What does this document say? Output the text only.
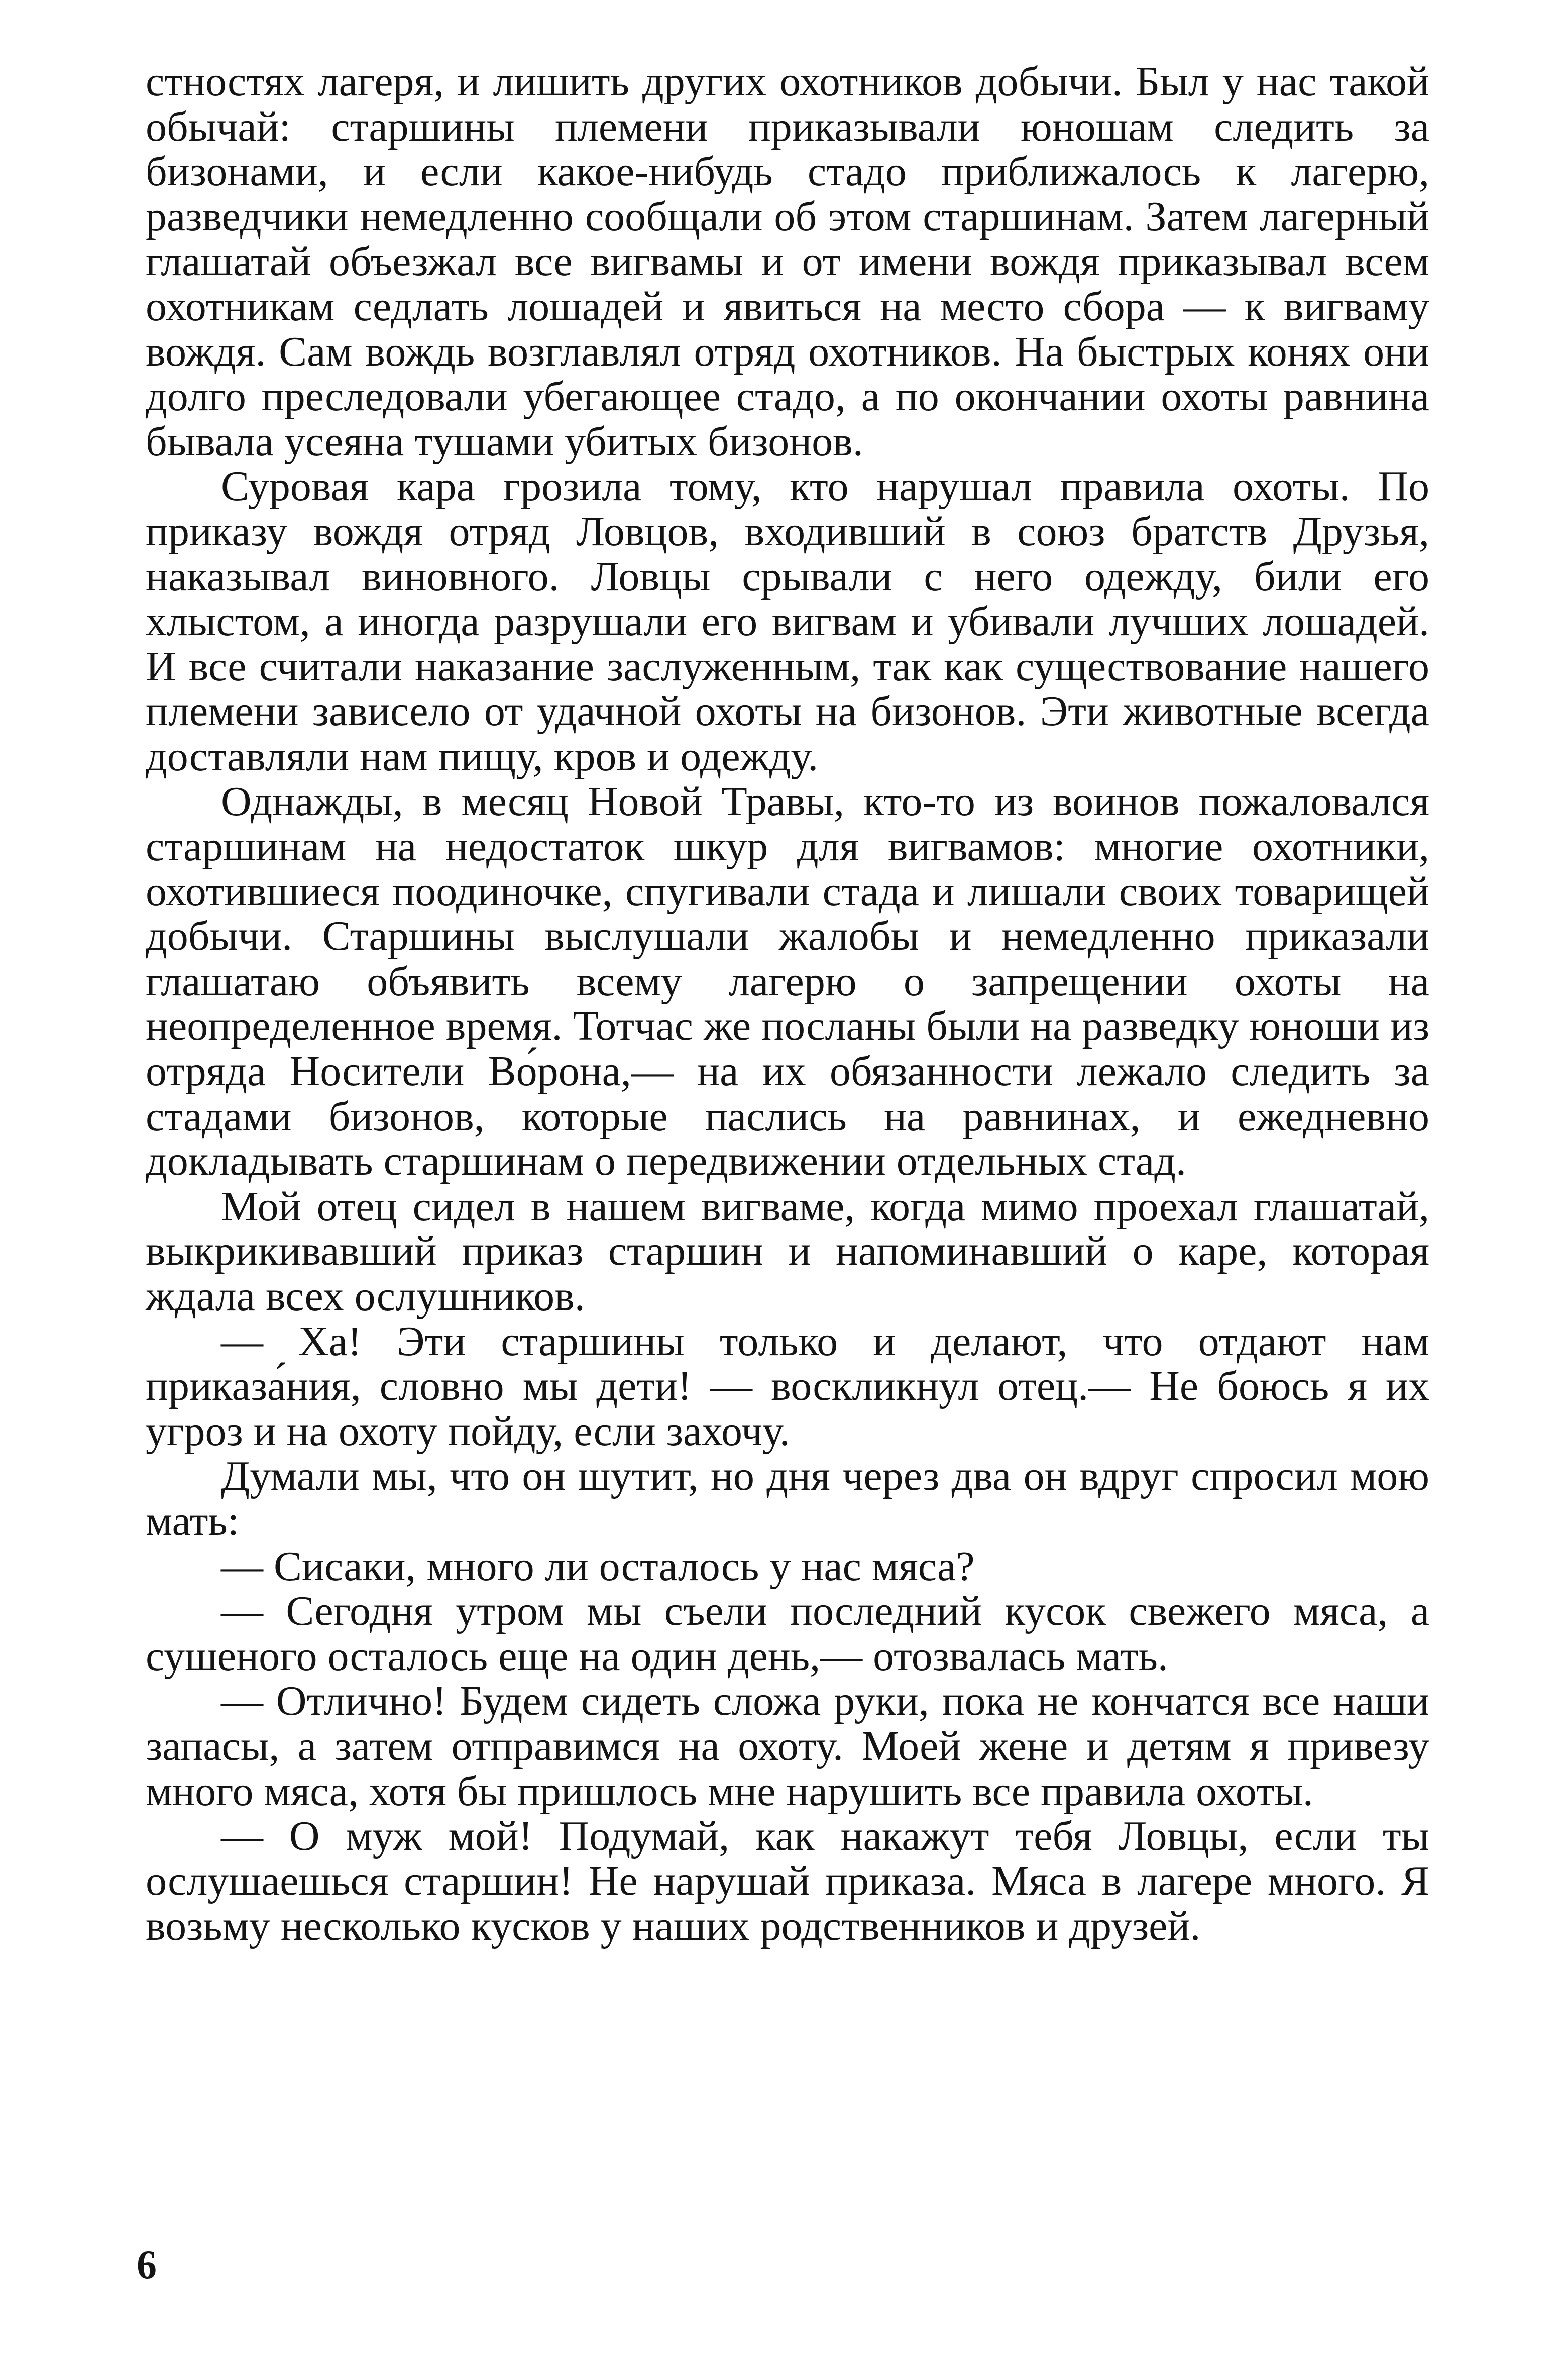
стностях лагеря, и лишить других охотников добычи. Был у нас такой обычай: старшины племени приказывали юношам следить за бизонами, и если какое-нибудь стадо приближалось к лагерю, разведчики немедленно сообщали об этом старшинам. Затем лагерный глашатай объезжал все вигвамы и от имени вождя приказывал всем охотникам седлать лошадей и явиться на место сбора — к вигваму вождя. Сам вождь возглавлял отряд охотников. На быстрых конях они долго преследовали убегающее стадо, а по окончании охоты равнина бывала усеяна тушами убитых бизонов.

Суровая кара грозила тому, кто нарушал правила охоты. По приказу вождя отряд Ловцов, входивший в союз братств Друзья, наказывал виновного. Ловцы срывали с него одежду, били его хлыстом, а иногда разрушали его вигвам и убивали лучших лошадей. И все считали наказание заслуженным, так как существование нашего племени зависело от удачной охоты на бизонов. Эти животные всегда доставляли нам пищу, кров и одежду.

Однажды, в месяц Новой Травы, кто-то из воинов пожаловался старшинам на недостаток шкур для вигвамов: многие охотники, охотившиеся поодиночке, спугивали стада и лишали своих товарищей добычи. Старшины выслушали жалобы и немедленно приказали глашатаю объявить всему лагерю о запрещении охоты на неопределенное время. Тотчас же посланы были на разведку юноши из отряда Носители Во́рона,— на их обязанности лежало следить за стадами бизонов, которые паслись на равнинах, и ежедневно докладывать старшинам о передвижении отдельных стад.

Мой отец сидел в нашем вигваме, когда мимо проехал глашатай, выкрикивавший приказ старшин и напоминавший о каре, которая ждала всех ослушников.

— Ха! Эти старшины только и делают, что отдают нам приказа́ния, словно мы дети! — воскликнул отец.— Не боюсь я их угроз и на охоту пойду, если захочу.

Думали мы, что он шутит, но дня через два он вдруг спросил мою мать:

— Сисаки, много ли осталось у нас мяса?

— Сегодня утром мы съели последний кусок свежего мяса, а сушеного осталось еще на один день,— отозвалась мать.

— Отлично! Будем сидеть сложа руки, пока не кончатся все наши запасы, а затем отправимся на охоту. Моей жене и детям я привезу много мяса, хотя бы пришлось мне нарушить все правила охоты.

— О муж мой! Подумай, как накажут тебя Ловцы, если ты ослушаешься старшин! Не нарушай приказа. Мяса в лагере много. Я возьму несколько кусков у наших родственников и друзей.

6
